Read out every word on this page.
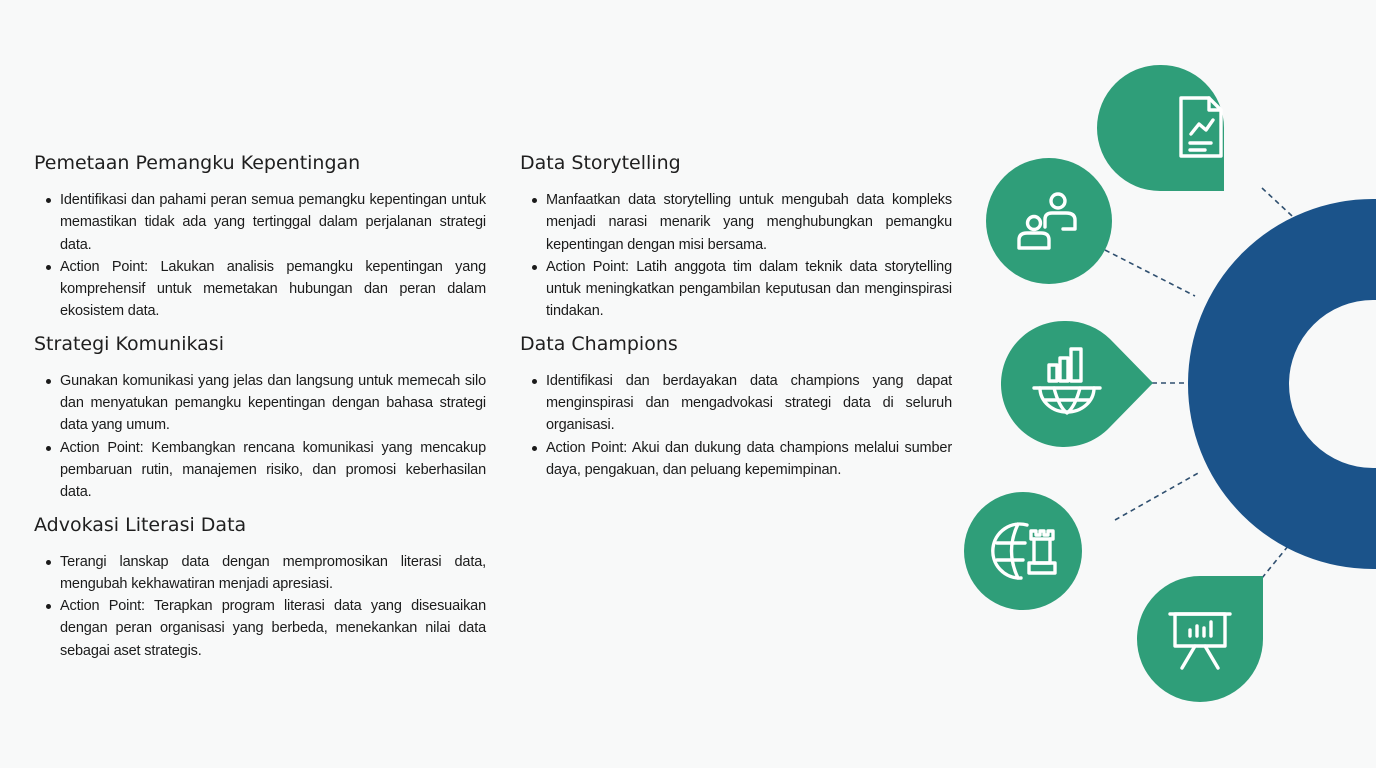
Pemetaan Pemangku Kepentingan
Identifikasi dan pahami peran semua pemangku kepentingan untuk memastikan tidak ada yang tertinggal dalam perjalanan strategi data.
Action Point: Lakukan analisis pemangku kepentingan yang komprehensif untuk memetakan hubungan dan peran dalam ekosistem data.
Strategi Komunikasi
Gunakan komunikasi yang jelas dan langsung untuk memecah silo dan menyatukan pemangku kepentingan dengan bahasa strategi data yang umum.
Action Point: Kembangkan rencana komunikasi yang mencakup pembaruan rutin, manajemen risiko, dan promosi keberhasilan data.
Advokasi Literasi Data
Terangi lanskap data dengan mempromosikan literasi data, mengubah kekhawatiran menjadi apresiasi.
Action Point: Terapkan program literasi data yang disesuaikan dengan peran organisasi yang berbeda, menekankan nilai data sebagai aset strategis.
Data Storytelling
Manfaatkan data storytelling untuk mengubah data kompleks menjadi narasi menarik yang menghubungkan pemangku kepentingan dengan misi bersama.
Action Point: Latih anggota tim dalam teknik data storytelling untuk meningkatkan pengambilan keputusan dan menginspirasi tindakan.
Data Champions
Identifikasi dan berdayakan data champions yang dapat menginspirasi dan mengadvokasi strategi data di seluruh organisasi.
Action Point: Akui dan dukung data champions melalui sumber daya, pengakuan, dan peluang kepemimpinan.
